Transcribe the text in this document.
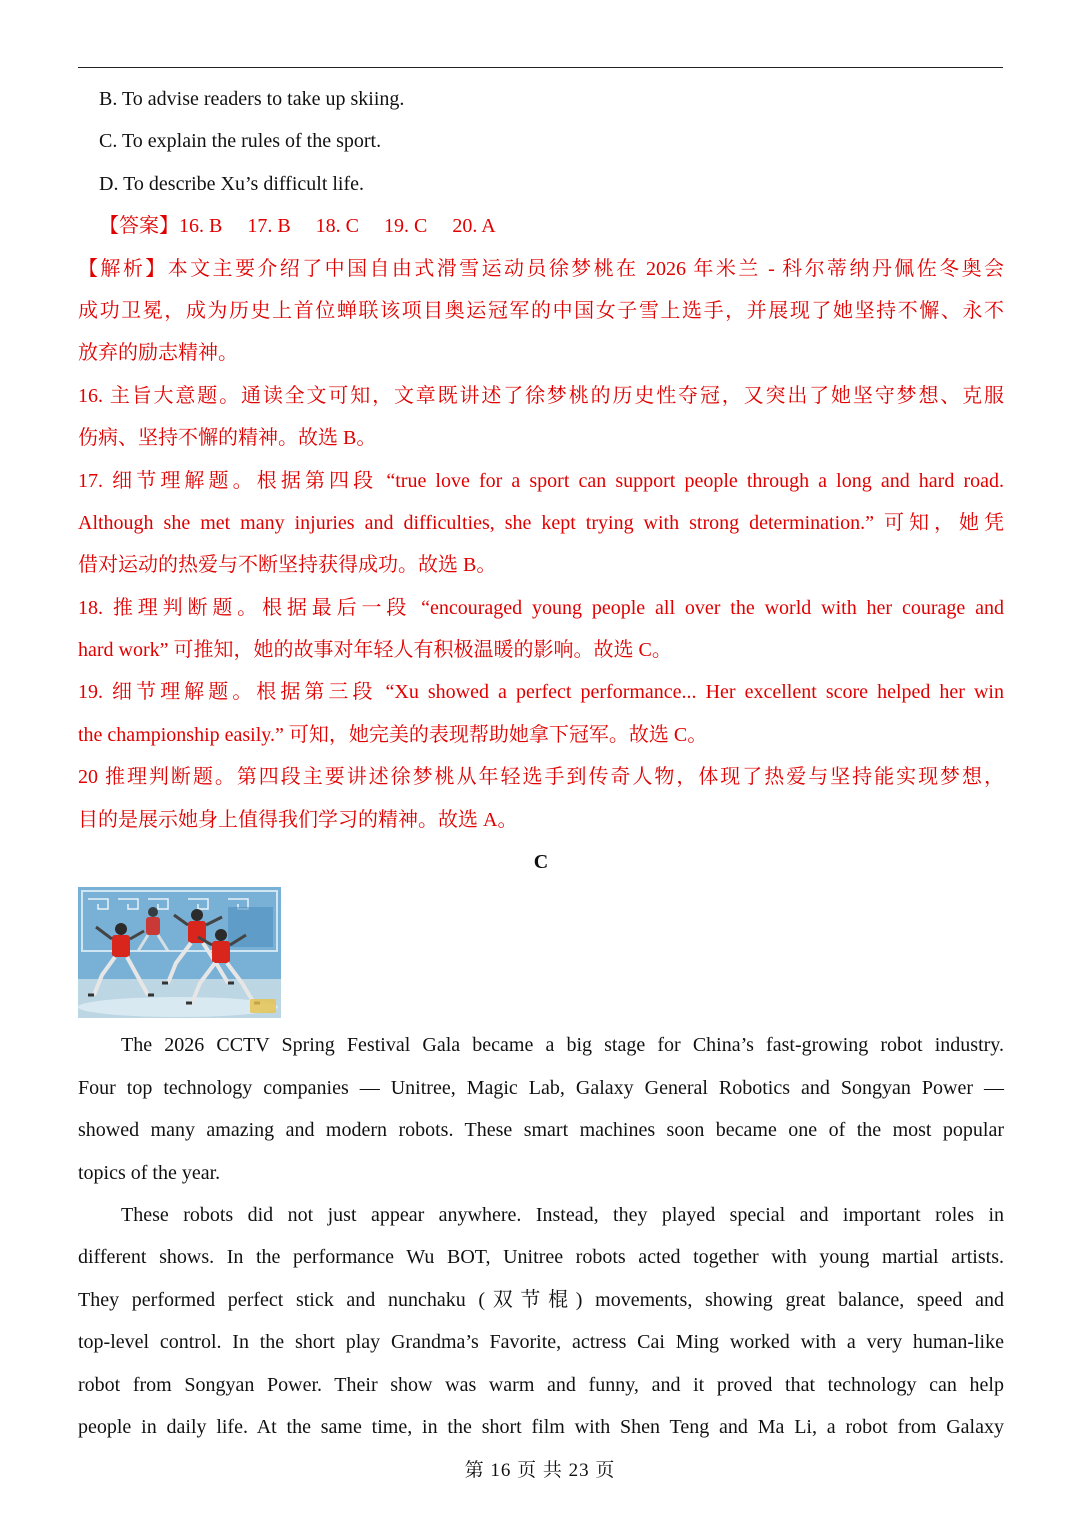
B. To advise readers to take up skiing.
C. To explain the rules of the sport.
D. To describe Xu’s difficult life.
【答案】16. B  17. B  18. C  19. C  20. A
【解析】本文主要介绍了中国自由式滑雪运动员徐梦桃在 2026 年米兰 - 科尔蒂纳丹佩佐冬奥会
成功卫冕，成为历史上首位蝉联该项目奥运冠军的中国女子雪上选手，并展现了她坚持不懈、永不
放弃的励志精神。
16. 主旨大意题。通读全文可知，文章既讲述了徐梦桃的历史性夺冠，又突出了她坚守梦想、克服
伤病、坚持不懈的精神。故选 B。
17. 细节理解题。根据第四段 “true love for a sport can support people through a long and hard road.
Although she met many injuries and difficulties, she kept trying with strong determination.” 可知，她凭
借对运动的热爱与不断坚持获得成功。故选 B。
18. 推理判断题。根据最后一段 “encouraged young people all over the world with her courage and
hard work” 可推知，她的故事对年轻人有积极温暖的影响。故选 C。
19. 细节理解题。根据第三段 “Xu showed a perfect performance... Her excellent score helped her win
the championship easily.” 可知，她完美的表现帮助她拿下冠军。故选 C。
20 推理判断题。第四段主要讲述徐梦桃从年轻选手到传奇人物，体现了热爱与坚持能实现梦想，
目的是展示她身上值得我们学习的精神。故选 A。
C
The 2026 CCTV Spring Festival Gala became a big stage for China’s fast-growing robot industry.
Four top technology companies — Unitree, Magic Lab, Galaxy General Robotics and Songyan Power —
showed many amazing and modern robots. These smart machines soon became one of the most popular
topics of the year.
These robots did not just appear anywhere. Instead, they played special and important roles in
different shows. In the performance Wu BOT, Unitree robots acted together with young martial artists.
They performed perfect stick and nunchaku (双节棍) movements, showing great balance, speed and
top-level control. In the short play Grandma’s Favorite, actress Cai Ming worked with a very human-like
robot from Songyan Power. Their show was warm and funny, and it proved that technology can help
people in daily life. At the same time, in the short film with Shen Teng and Ma Li, a robot from Galaxy
第 16 页 共 23 页
